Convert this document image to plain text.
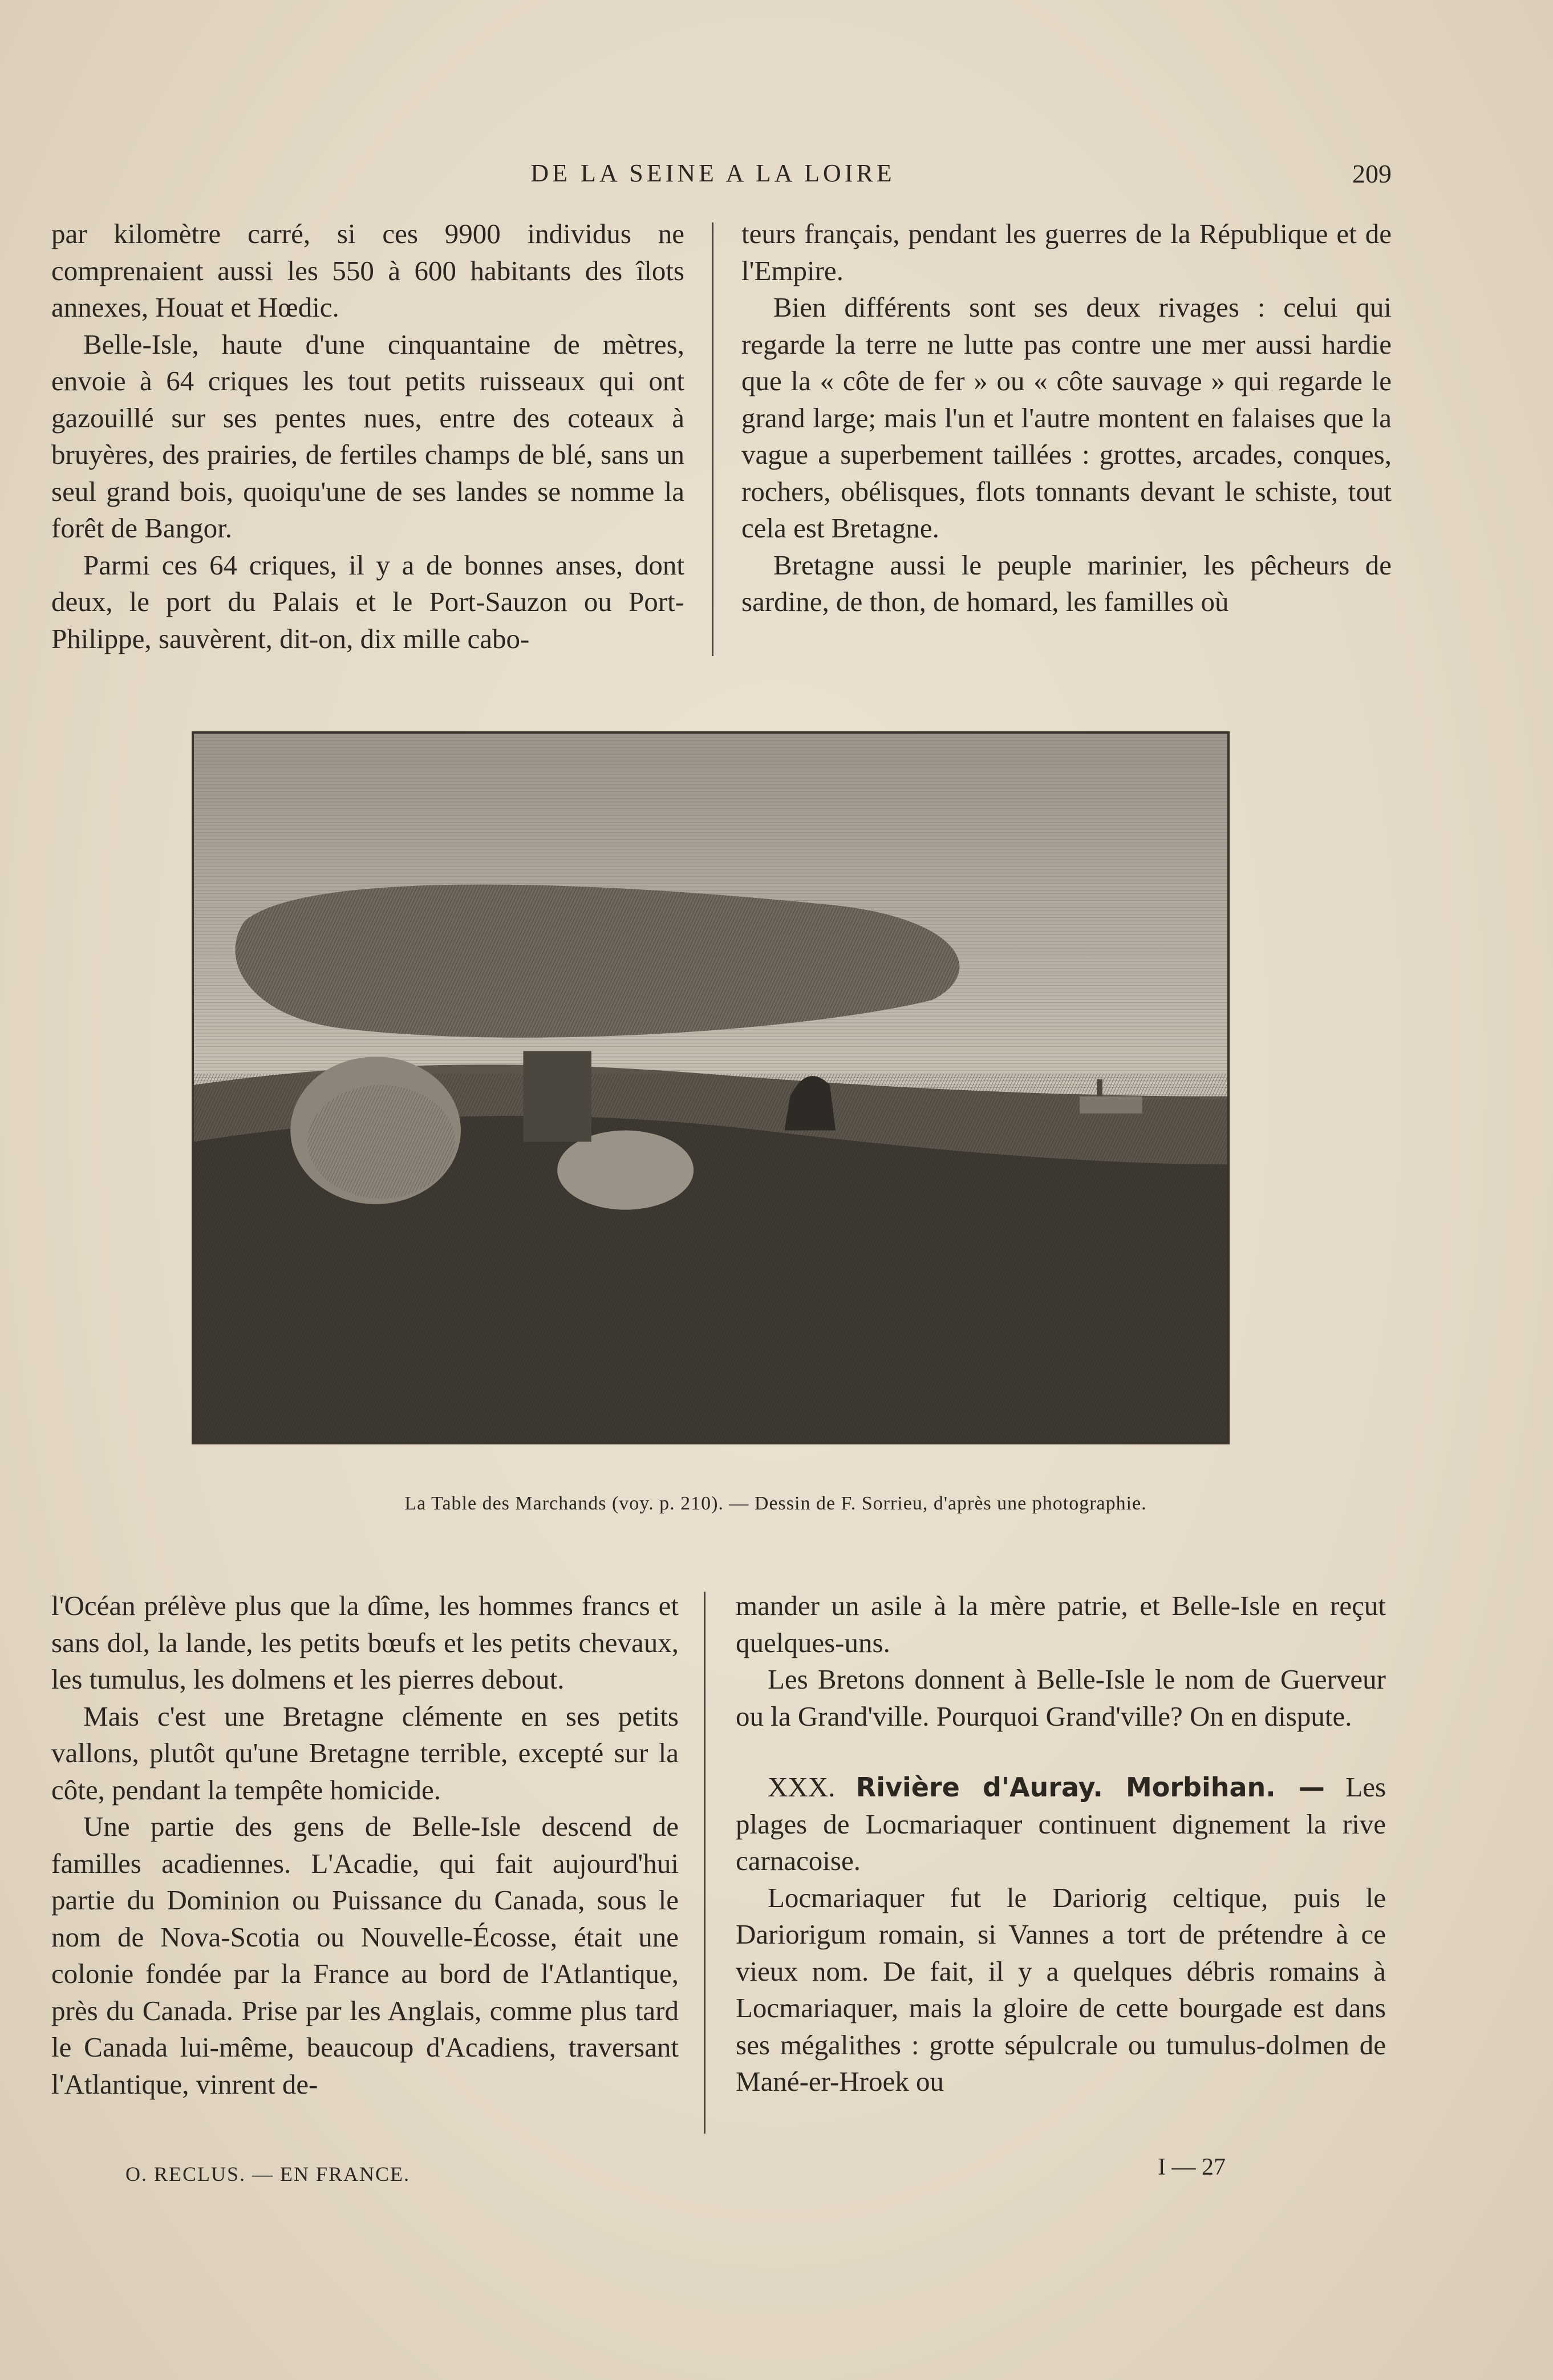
DE LA SEINE A LA LOIRE	209

par kilomètre carré, si ces 9900 individus ne comprenaient aussi les 550 à 600 habitants des îlots annexes, Houat et Hœdic.

Belle-Isle, haute d'une cinquantaine de mètres, envoie à 64 criques les tout petits ruisseaux qui ont gazouillé sur ses pentes nues, entre des coteaux à bruyères, des prairies, de fertiles champs de blé, sans un seul grand bois, quoiqu'une de ses landes se nomme la forêt de Bangor.

Parmi ces 64 criques, il y a de bonnes anses, dont deux, le port du Palais et le Port-Sauzon ou Port-Philippe, sauvèrent, dit-on, dix mille cabo-

teurs français, pendant les guerres de la République et de l'Empire.

Bien différents sont ses deux rivages : celui qui regarde la terre ne lutte pas contre une mer aussi hardie que la « côte de fer » ou « côte sauvage » qui regarde le grand large; mais l'un et l'autre montent en falaises que la vague a superbement taillées : grottes, arcades, conques, rochers, obélisques, flots tonnants devant le schiste, tout cela est Bretagne.

Bretagne aussi le peuple marinier, les pêcheurs de sardine, de thon, de homard, les familles où

La Table des Marchands (voy. p. 210). — Dessin de F. Sorrieu, d'après une photographie.

l'Océan prélève plus que la dîme, les hommes francs et sans dol, la lande, les petits bœufs et les petits chevaux, les tumulus, les dolmens et les pierres debout.

Mais c'est une Bretagne clémente en ses petits vallons, plutôt qu'une Bretagne terrible, excepté sur la côte, pendant la tempête homicide.

Une partie des gens de Belle-Isle descend de familles acadiennes. L'Acadie, qui fait aujourd'hui partie du Dominion ou Puissance du Canada, sous le nom de Nova-Scotia ou Nouvelle-Écosse, était une colonie fondée par la France au bord de l'Atlantique, près du Canada. Prise par les Anglais, comme plus tard le Canada lui-même, beaucoup d'Acadiens, traversant l'Atlantique, vinrent de-

mander un asile à la mère patrie, et Belle-Isle en reçut quelques-uns.

Les Bretons donnent à Belle-Isle le nom de Guerveur ou la Grand'ville. Pourquoi Grand'ville? On en dispute.

XXX. Rivière d'Auray. Morbihan. — Les plages de Locmariaquer continuent dignement la rive carnacoise.

Locmariaquer fut le Dariorig celtique, puis le Dariorigum romain, si Vannes a tort de prétendre à ce vieux nom. De fait, il y a quelques débris romains à Locmariaquer, mais la gloire de cette bourgade est dans ses mégalithes : grotte sépulcrale ou tumulus-dolmen de Mané-er-Hroek ou

O. RECLUS. — EN FRANCE.	I — 27
